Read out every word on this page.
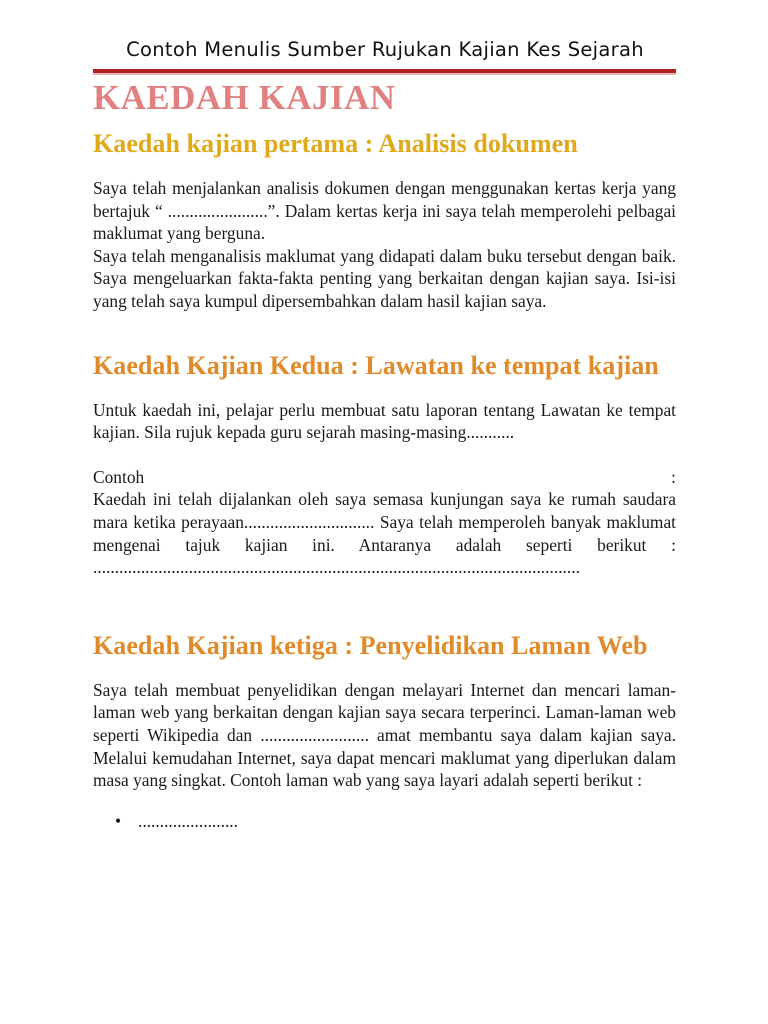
Contoh Menulis Sumber Rujukan Kajian Kes Sejarah
KAEDAH KAJIAN
Kaedah kajian pertama : Analisis dokumen

Saya telah menjalankan analisis dokumen dengan menggunakan kertas kerja yang bertajuk “ .......................”. Dalam kertas kerja ini saya telah memperolehi pelbagai maklumat yang berguna.

Saya telah menganalisis maklumat yang didapati dalam buku tersebut dengan baik. Saya mengeluarkan fakta-fakta penting yang berkaitan dengan kajian saya. Isi-isi yang telah saya kumpul dipersembahkan dalam hasil kajian saya.

Kaedah Kajian Kedua : Lawatan ke tempat kajian

Untuk kaedah ini, pelajar perlu membuat satu laporan tentang Lawatan ke tempat kajian. Sila rujuk kepada guru sejarah masing-masing...........

Contoh	:

Kaedah ini telah dijalankan oleh saya semasa kunjungan saya ke rumah saudara mara ketika perayaan.............................. Saya telah memperoleh banyak maklumat mengenai tajuk kajian ini. Antaranya adalah seperti berikut :

................................................................................................................
Kaedah Kajian ketiga : Penyelidikan Laman Web

Saya telah membuat penyelidikan dengan melayari Internet dan mencari laman-laman web yang berkaitan dengan kajian saya secara terperinci. Laman-laman web seperti Wikipedia dan ......................... amat membantu saya dalam kajian saya. Melalui kemudahan Internet, saya dapat mencari maklumat yang diperlukan dalam masa yang singkat. Contoh laman wab yang saya layari adalah seperti berikut :

• .......................
